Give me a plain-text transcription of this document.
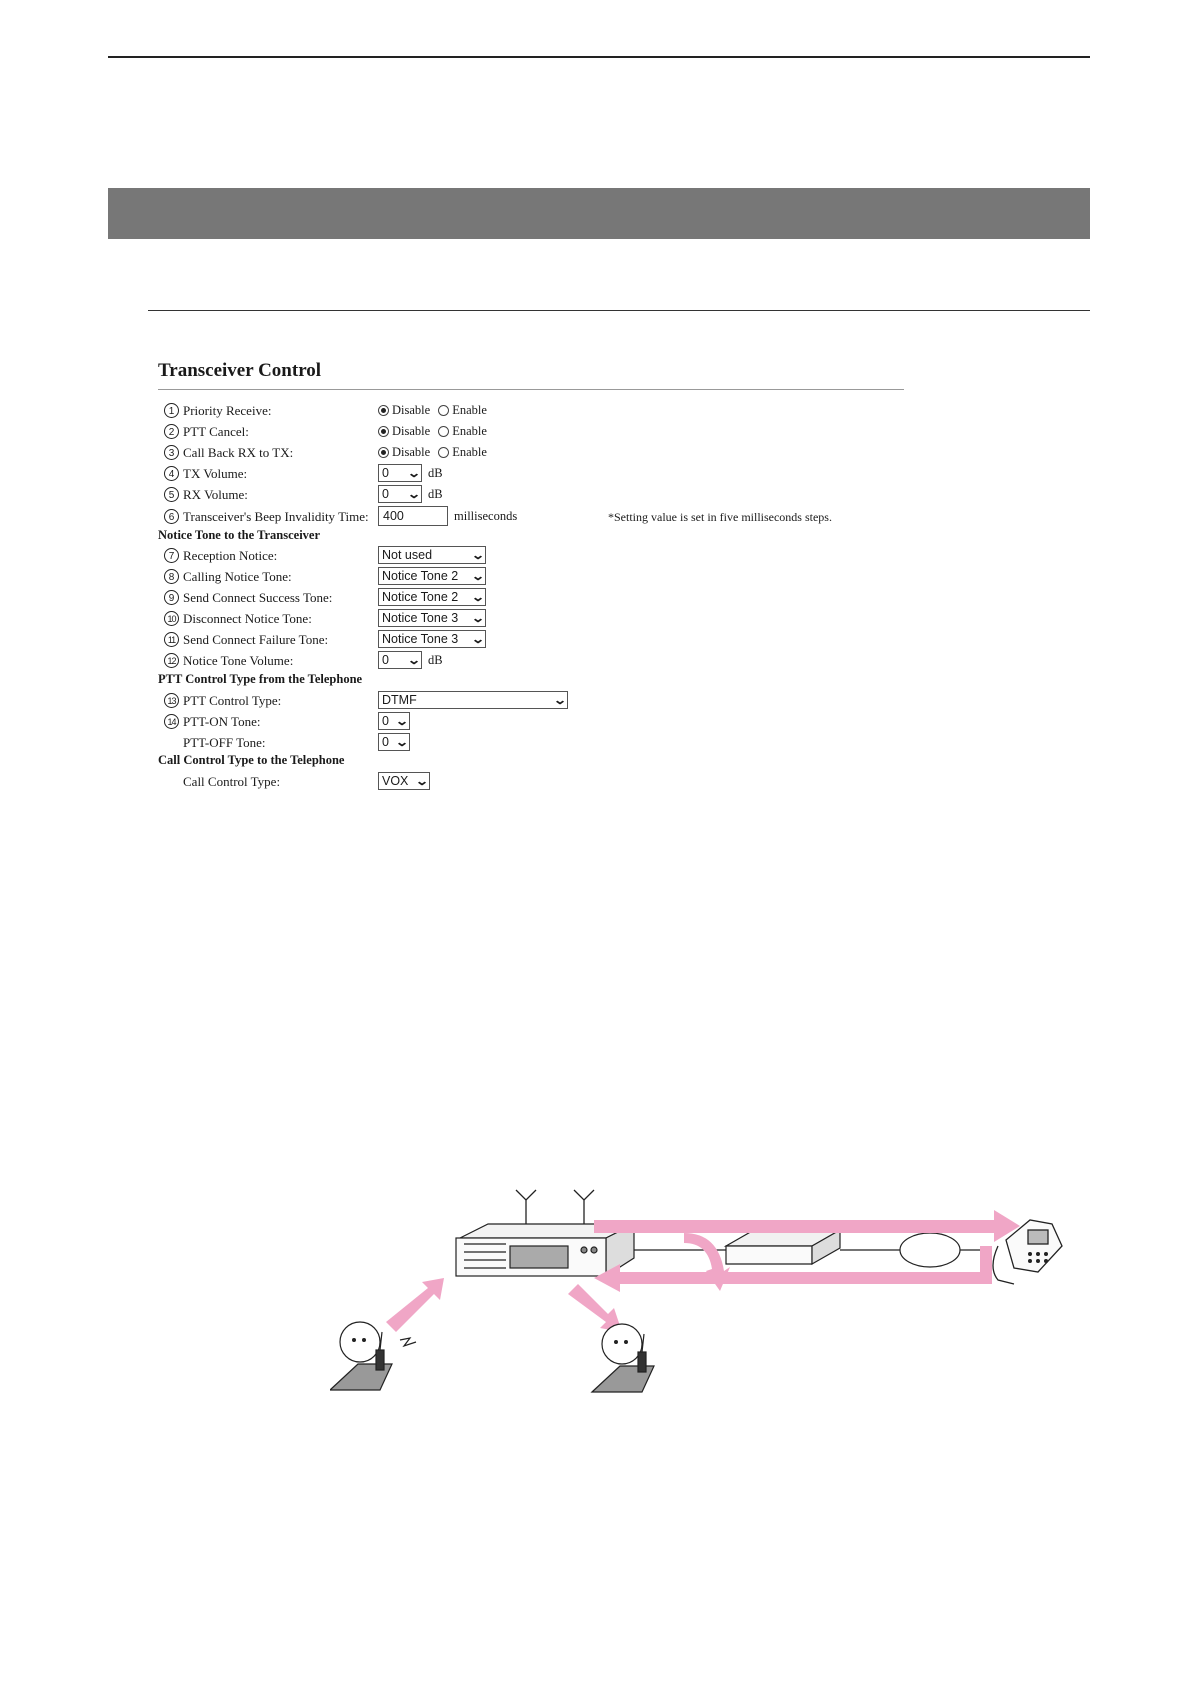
Transceiver Control
1 Priority Receive:	Disable Enable
2 PTT Cancel:	Disable Enable
3 Call Back RX to TX:	Disable Enable
4 TX Volume:	0 ⌄ dB
5 RX Volume:	0 ⌄ dB
6 Transceiver's Beep Invalidity Time:	400	milliseconds	*Setting value is set in five milliseconds steps.
Notice Tone to the Transceiver
7 Reception Notice:	Not used	⌄
8 Calling Notice Tone:	Notice Tone 2 ⌄
9 Send Connect Success Tone:	Notice Tone 2 ⌄
10 Disconnect Notice Tone:	Notice Tone 3 ⌄
11 Send Connect Failure Tone:	Notice Tone 3 ⌄
12 Notice Tone Volume:	0 ⌄ dB
PTT Control Type from the Telephone
13 PTT Control Type:	DTMF	⌄
14 PTT-ON Tone:	0 ⌄
PTT-OFF Tone:	0 ⌄
Call Control Type to the Telephone
Call Control Type:	VOX ⌄
